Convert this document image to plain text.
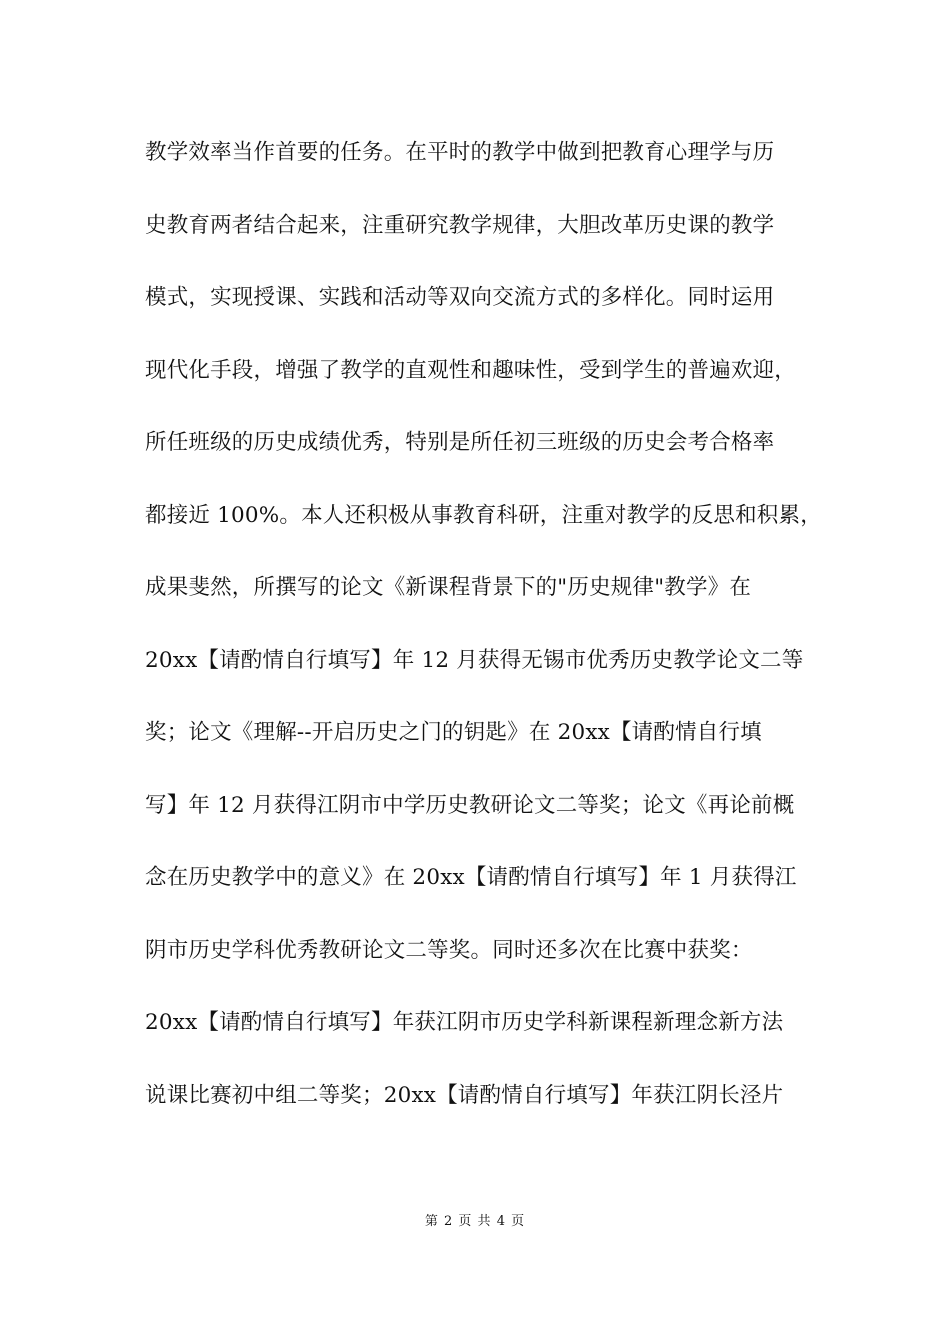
教学效率当作首要的任务。在平时的教学中做到把教育心理学与历
史教育两者结合起来，注重研究教学规律，大胆改革历史课的教学
模式，实现授课、实践和活动等双向交流方式的多样化。同时运用
现代化手段，增强了教学的直观性和趣味性，受到学生的普遍欢迎，
所任班级的历史成绩优秀，特别是所任初三班级的历史会考合格率
都接近 100%。本人还积极从事教育科研，注重对教学的反思和积累，
成果斐然，所撰写的论文《新课程背景下的"历史规律"教学》在
20xx【请酌情自行填写】年 12 月获得无锡市优秀历史教学论文二等
奖；论文《理解--开启历史之门的钥匙》在 20xx【请酌情自行填
写】年 12 月获得江阴市中学历史教研论文二等奖；论文《再论前概
念在历史教学中的意义》在 20xx【请酌情自行填写】年 1 月获得江
阴市历史学科优秀教研论文二等奖。同时还多次在比赛中获奖：
20xx【请酌情自行填写】年获江阴市历史学科新课程新理念新方法
说课比赛初中组二等奖；20xx【请酌情自行填写】年获江阴长泾片
第 2 页 共 4 页
